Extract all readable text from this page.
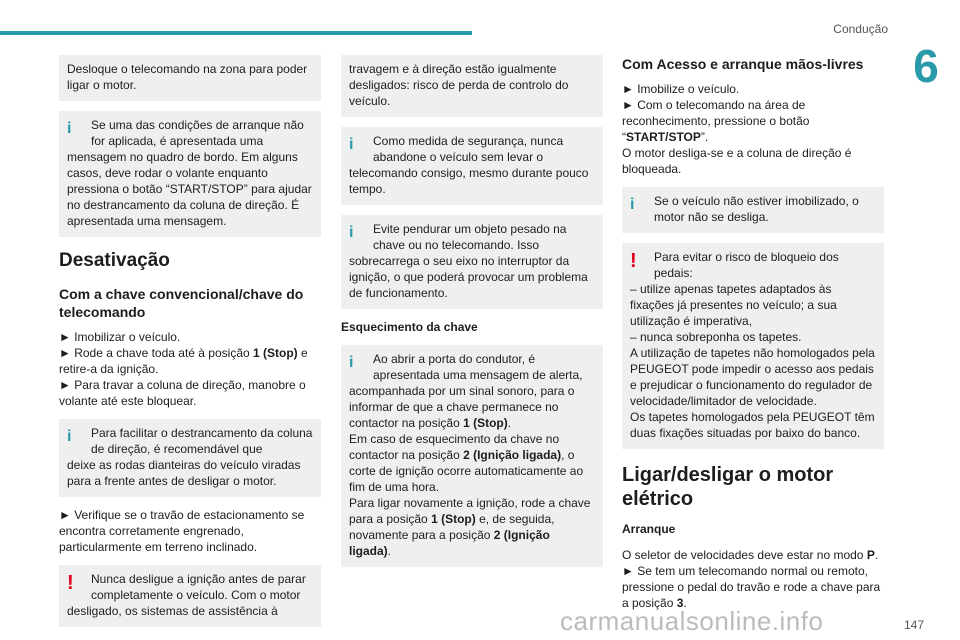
Condução
6
Desloque o telecomando na zona para poder ligar o motor.
i	Se uma das condições de arranque não for aplicada, é apresentada uma
mensagem no quadro de bordo. Em alguns casos, deve rodar o volante enquanto pressiona o botão “START/STOP” para ajudar no destrancamento da coluna de direção. É apresentada uma mensagem.
Desativação
Com a chave convencional/chave do telecomando
► Imobilizar o veículo.
► Rode a chave toda até à posição 1 (Stop) e retire-a da ignição.
► Para travar a coluna de direção, manobre o volante até este bloquear.
i	Para facilitar o destrancamento da coluna de direção, é recomendável que
deixe as rodas dianteiras do veículo viradas para a frente antes de desligar o motor.
► Verifique se o travão de estacionamento se encontra corretamente engrenado, particularmente em terreno inclinado.
!	Nunca desligue a ignição antes de parar completamente o veículo. Com o motor
desligado, os sistemas de assistência à
travagem e à direção estão igualmente desligados: risco de perda de controlo do veículo.
i	Como medida de segurança, nunca abandone o veículo sem levar o
telecomando consigo, mesmo durante pouco tempo.
i	Evite pendurar um objeto pesado na chave ou no telecomando. Isso
sobrecarrega o seu eixo no interruptor da ignição, o que poderá provocar um problema de funcionamento.
Esquecimento da chave
i	Ao abrir a porta do condutor, é apresentada uma mensagem de alerta,
acompanhada por um sinal sonoro, para o informar de que a chave permanece no contactor na posição 1 (Stop).
Em caso de esquecimento da chave no contactor na posição 2 (Ignição ligada), o corte de ignição ocorre automaticamente ao fim de uma hora.
Para ligar novamente a ignição, rode a chave para a posição 1 (Stop) e, de seguida, novamente para a posição 2 (Ignição ligada).
Com Acesso e arranque mãos-livres
► Imobilize o veículo.
► Com o telecomando na área de reconhecimento, pressione o botão “START/STOP”.
O motor desliga-se e a coluna de direção é bloqueada.
i	Se o veículo não estiver imobilizado, o motor não se desliga.
!	Para evitar o risco de bloqueio dos pedais:
– utilize apenas tapetes adaptados às fixações já presentes no veículo; a sua utilização é imperativa,
– nunca sobreponha os tapetes.
A utilização de tapetes não homologados pela PEUGEOT pode impedir o acesso aos pedais e prejudicar o funcionamento do regulador de velocidade/limitador de velocidade.
Os tapetes homologados pela PEUGEOT têm duas fixações situadas por baixo do banco.
Ligar/desligar o motor elétrico
Arranque
O seletor de velocidades deve estar no modo P.
► Se tem um telecomando normal ou remoto, pressione o pedal do travão e rode a chave para a posição 3.
carmanualsonline.info	147
